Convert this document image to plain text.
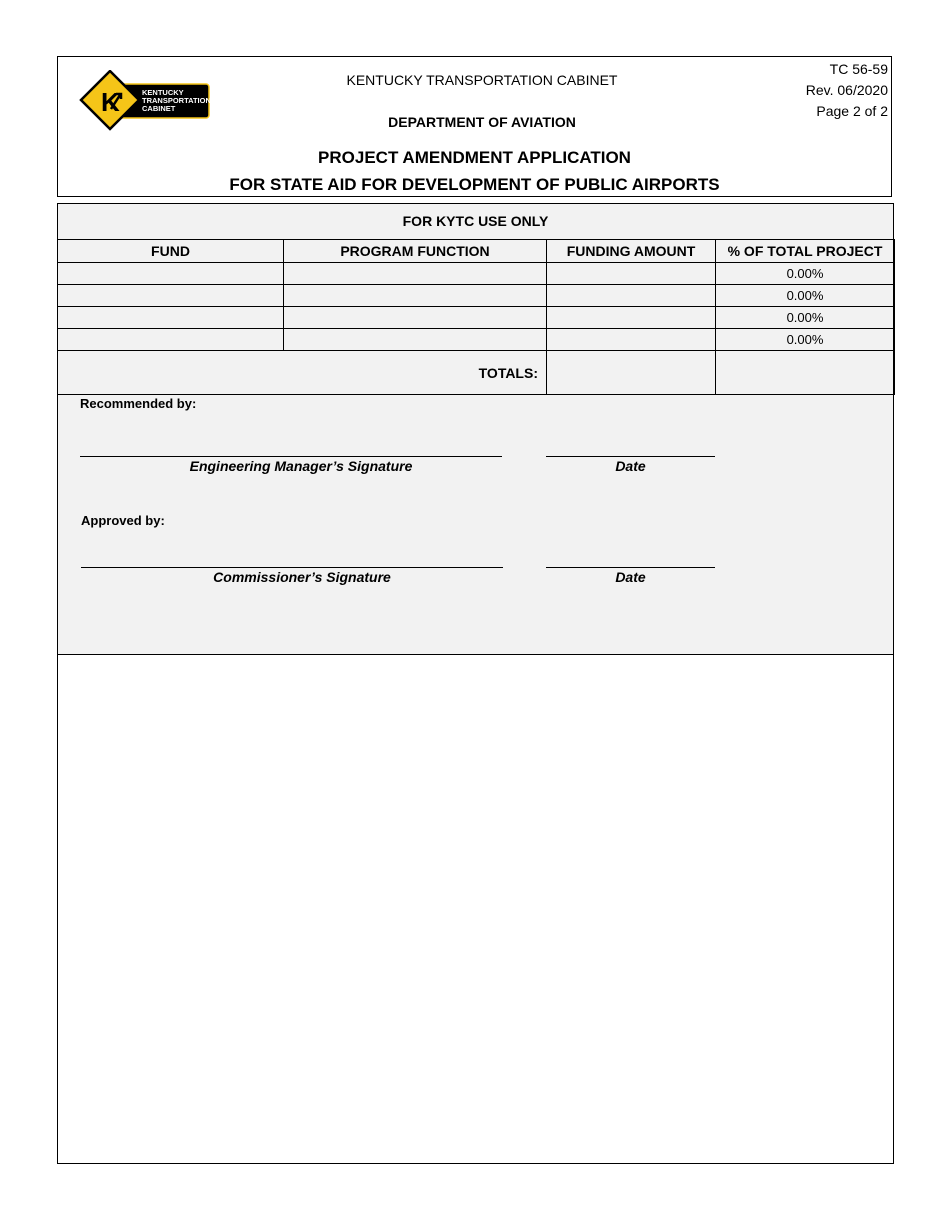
K	KENTUCKY
TRANSPORTATION
CABINET
KENTUCKY TRANSPORTATION CABINET
DEPARTMENT OF AVIATION
PROJECT AMENDMENT APPLICATION
FOR STATE AID FOR DEVELOPMENT OF PUBLIC AIRPORTS
TC 56-59
Rev. 06/2020
Page 2 of 2
FOR KYTC USE ONLY
FUND	PROGRAM FUNCTION	FUNDING AMOUNT	% OF TOTAL PROJECT
			0.00%
			0.00%
			0.00%
			0.00%
TOTALS:			
Recommended by:
Engineering Manager’s Signature	Date
Approved by:
Commissioner’s Signature	Date
